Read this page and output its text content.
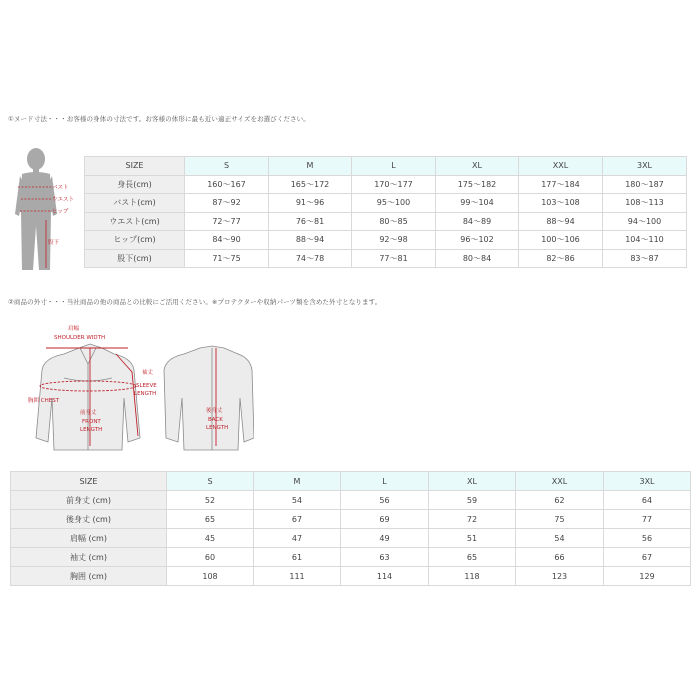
①ヌード寸法・・・お客様の身体の寸法です。お客様の体形に最も近い適正サイズをお選びください。
バスト
ウエスト
ヒップ
股下
SIZE	S	M	L	XL	XXL	3XL
身長(cm)	160～167	165～172	170～177	175～182	177～184	180～187
バスト(cm)	87～92	91～96	95～100	99～104	103～108	108～113
ウエスト(cm)	72～77	76～81	80～85	84～89	88～94	94～100
ヒップ(cm)	84～90	88～94	92～98	96～102	100～106	104～110
股下(cm)	71～75	74～78	77～81	80～84	82～86	83～87
②商品の外寸・・・当社商品の他の商品との比較にご活用ください。※プロテクターや収納パーツ類を含めた外寸となります。
肩幅
SHOULDER WIDTH
胸囲 CHEST
前身丈
FRONT
LENGTH
袖丈
SLEEVE
LENGTH
後身丈
BACK
LENGTH
SIZE	S	M	L	XL	XXL	3XL
前身丈 (cm)	52	54	56	59	62	64
後身丈 (cm)	65	67	69	72	75	77
肩幅 (cm)	45	47	49	51	54	56
袖丈 (cm)	60	61	63	65	66	67
胸囲 (cm)	108	111	114	118	123	129
